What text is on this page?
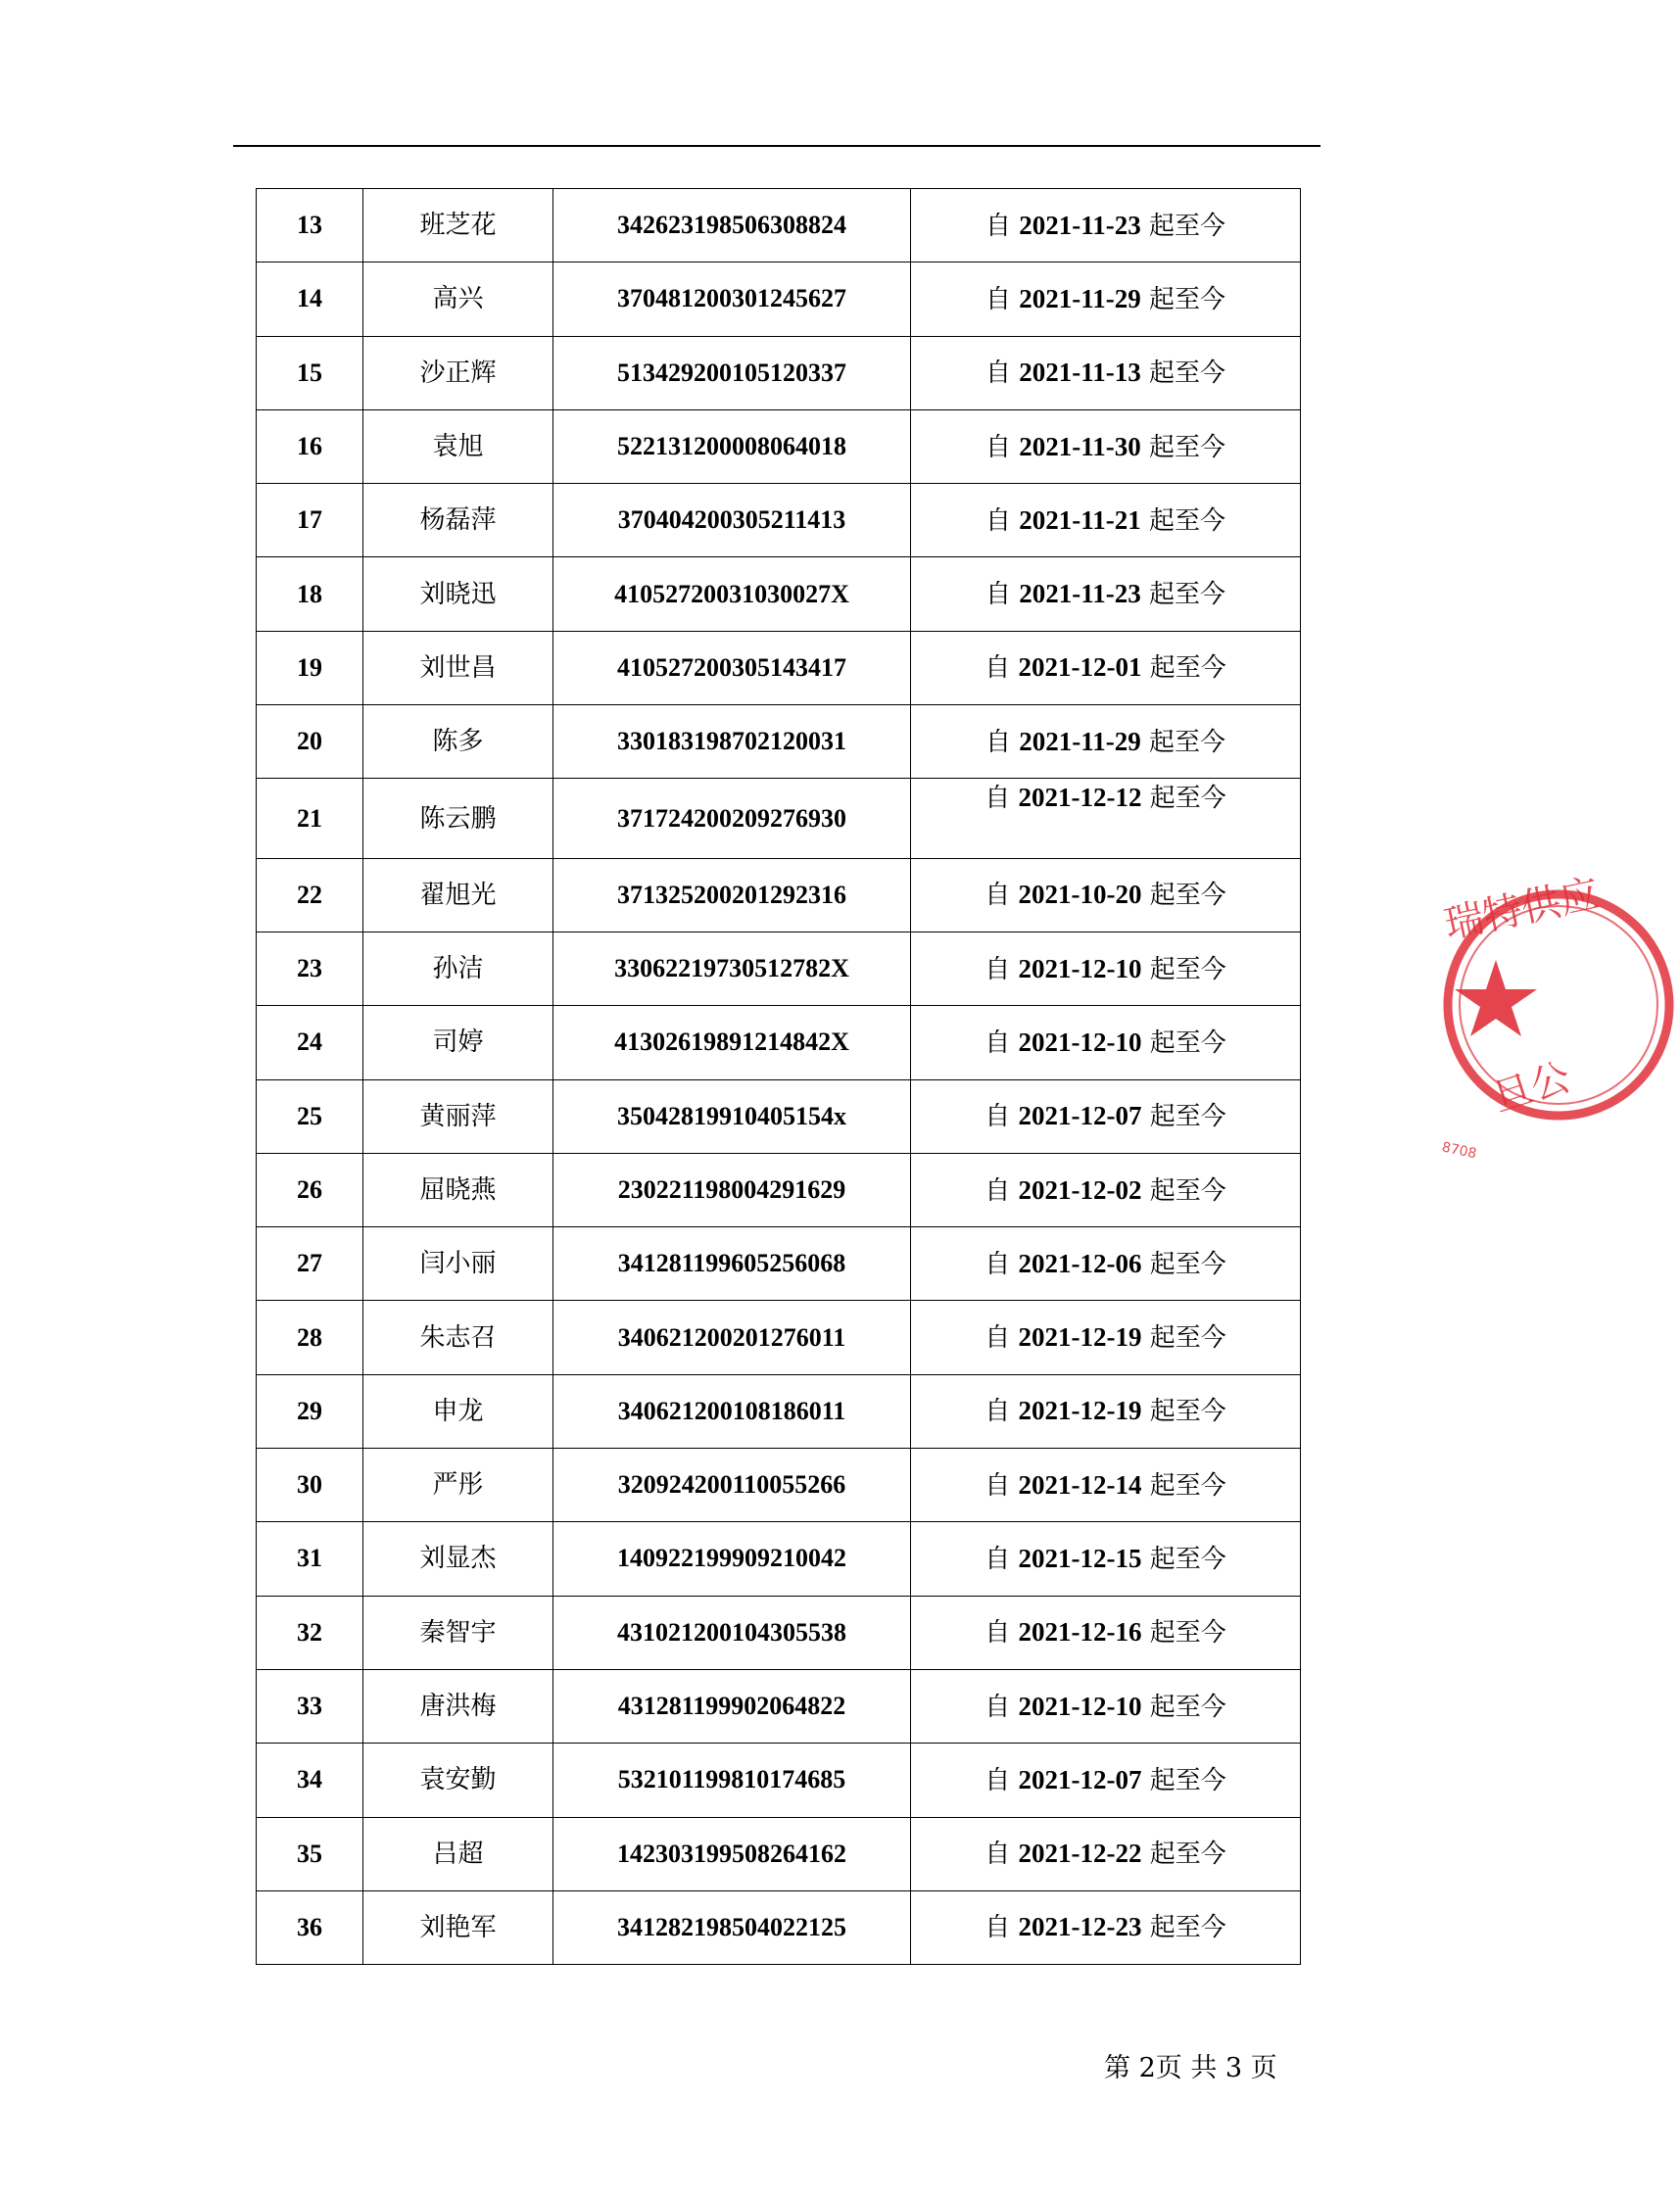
13	班芝花	342623198506308824	自 2021-11-23 起至今
14	高兴	370481200301245627	自 2021-11-29 起至今
15	沙正辉	513429200105120337	自 2021-11-13 起至今
16	袁旭	522131200008064018	自 2021-11-30 起至今
17	杨磊萍	370404200305211413	自 2021-11-21 起至今
18	刘晓迅	41052720031030027X	自 2021-11-23 起至今
19	刘世昌	410527200305143417	自 2021-12-01 起至今
20	陈多	330183198702120031	自 2021-11-29 起至今
21	陈云鹏	371724200209276930	自 2021-12-12 起至今
22	翟旭光	371325200201292316	自 2021-10-20 起至今
23	孙洁	33062219730512782X	自 2021-12-10 起至今
24	司婷	41302619891214842X	自 2021-12-10 起至今
25	黄丽萍	35042819910405154x	自 2021-12-07 起至今
26	屈晓燕	230221198004291629	自 2021-12-02 起至今
27	闫小丽	341281199605256068	自 2021-12-06 起至今
28	朱志召	340621200201276011	自 2021-12-19 起至今
29	申龙	340621200108186011	自 2021-12-19 起至今
30	严彤	320924200110055266	自 2021-12-14 起至今
31	刘显杰	140922199909210042	自 2021-12-15 起至今
32	秦智宇	431021200104305538	自 2021-12-16 起至今
33	唐洪梅	431281199902064822	自 2021-12-10 起至今
34	袁安勤	532101199810174685	自 2021-12-07 起至今
35	吕超	142303199508264162	自 2021-12-22 起至今
36	刘艳军	341282198504022125	自 2021-12-23 起至今
瑞特供应
旦公
8708
第 2页 共 3 页
